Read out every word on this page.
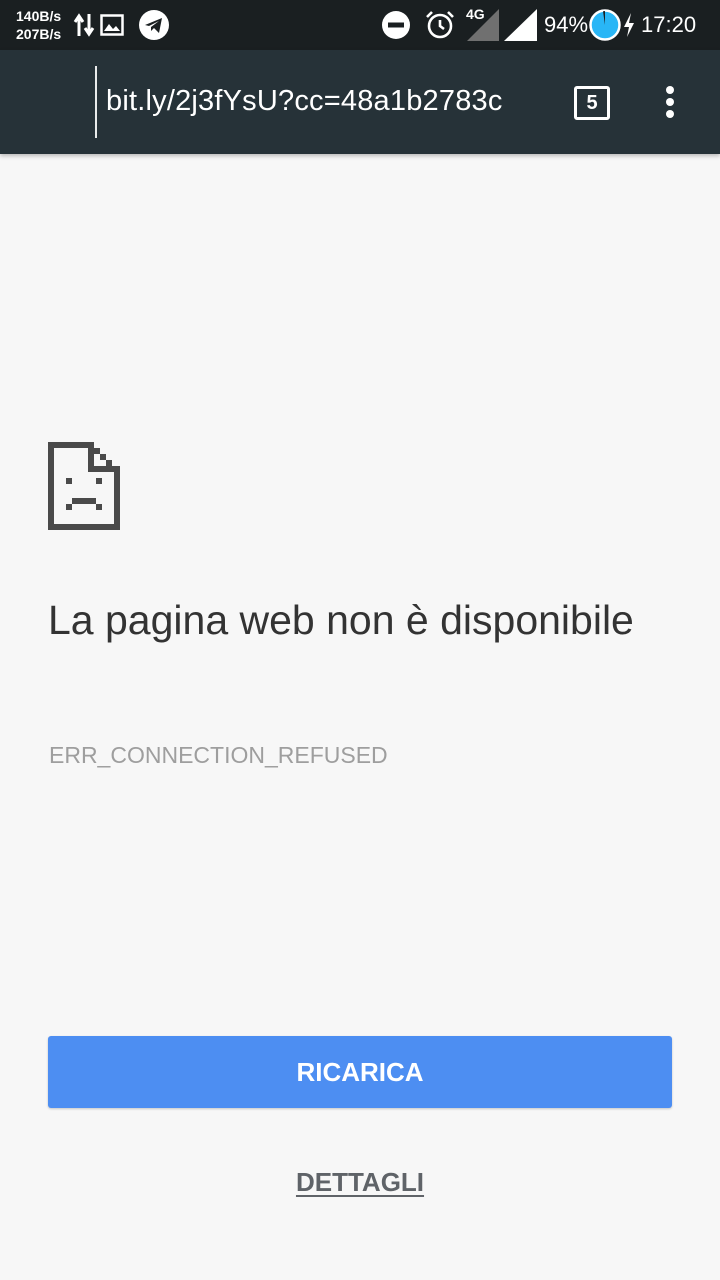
140B/s
207B/s
4G	94% 17:20
bit.ly/2j3fYsU?cc=48a1b2783c	5
La pagina web non è disponibile
ERR_CONNECTION_REFUSED
RICARICA
DETTAGLI
